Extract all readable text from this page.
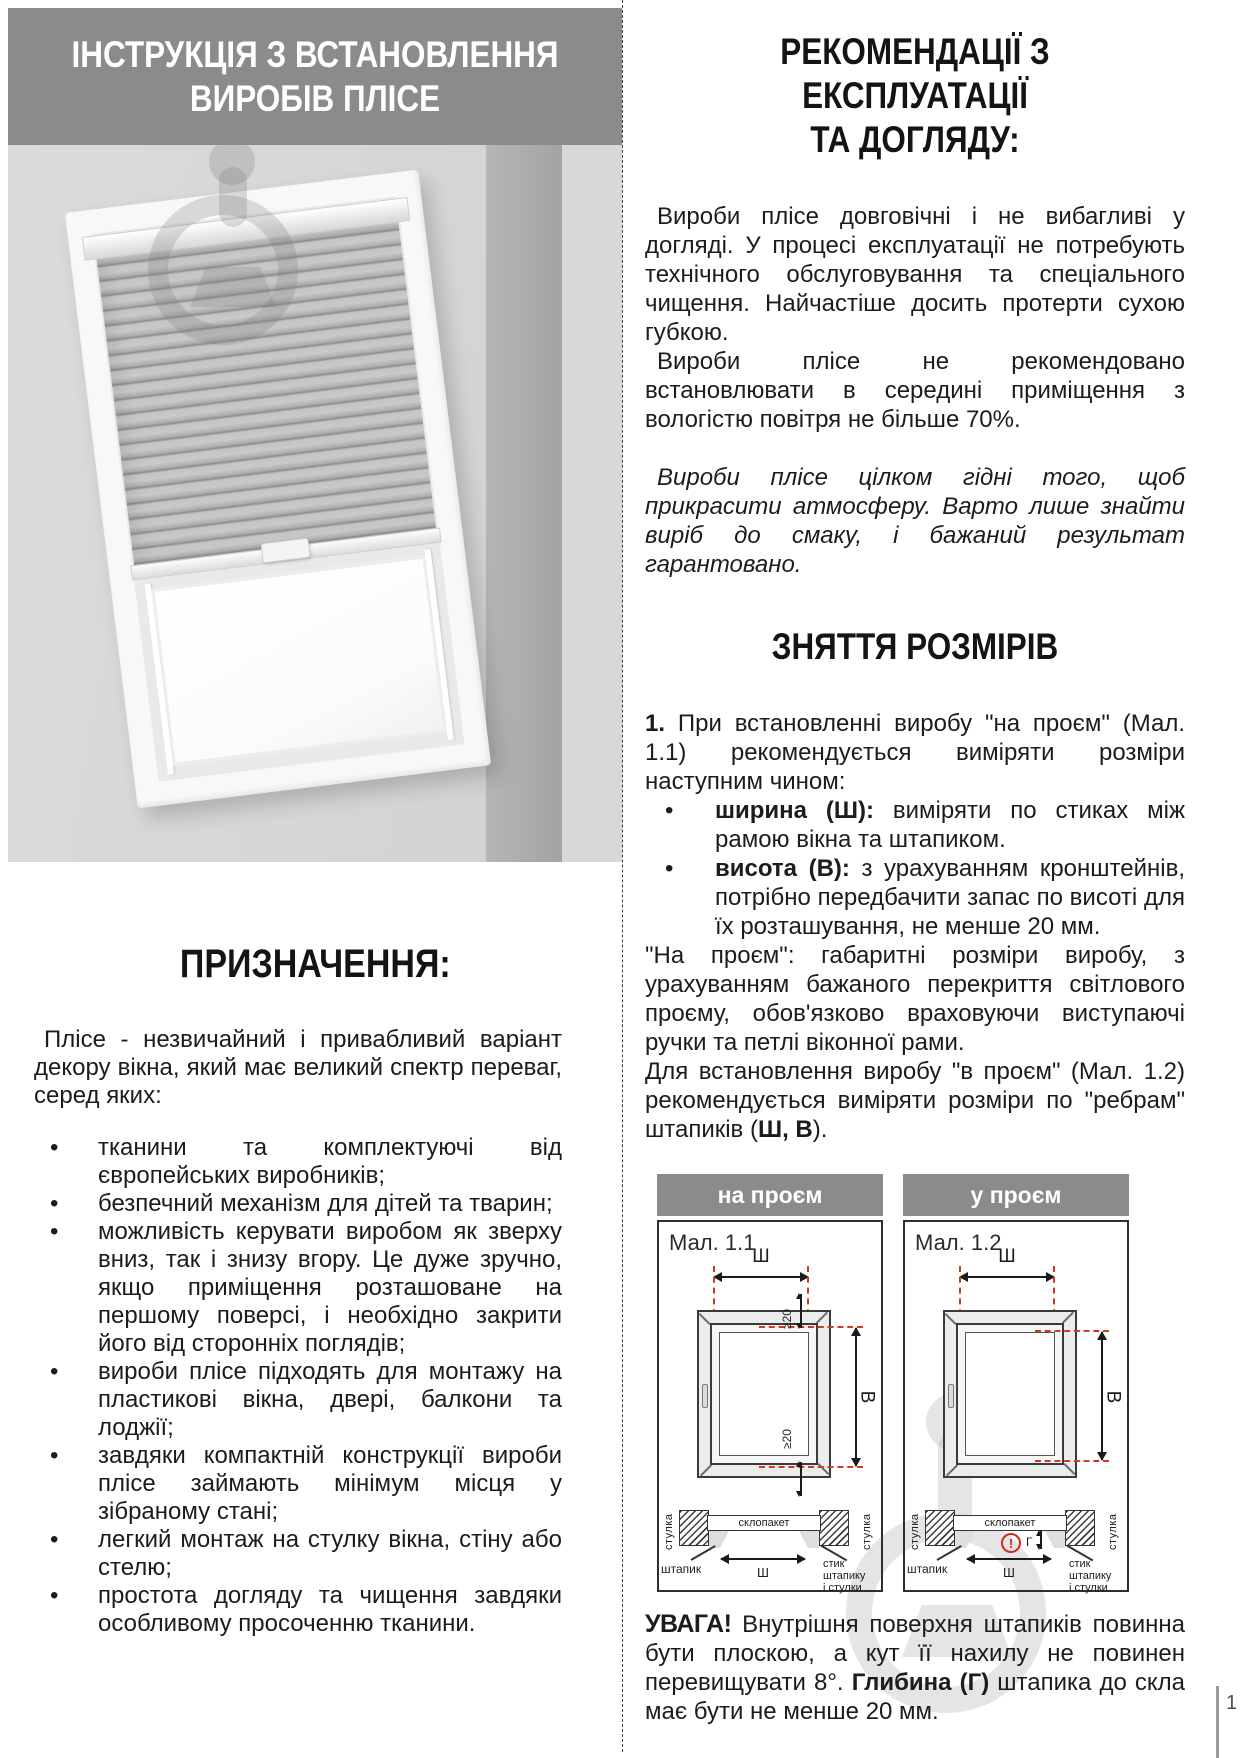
ІНСТРУКЦІЯ З ВСТАНОВЛЕННЯ
ВИРОБІВ ПЛІСЕ
ПРИЗНАЧЕННЯ:

Плісе - незвичайний і привабливий варіант декору вікна, який має великий спектр переваг, серед яких:

• тканини та комплектуючі від європейських виробників;
• безпечний механізм для дітей та тварин;
• можливість керувати виробом як зверху вниз, так і знизу вгору. Це дуже зручно, якщо приміщення розташоване на першому поверсі, і необхідно закрити його від сторонніх поглядів;
• вироби плісе підходять для монтажу на пластикові вікна, двері, балкони та лоджії;
• завдяки компактній конструкції вироби плісе займають мінімум місця у зібраному стані;
• легкий монтаж на стулку вікна, стіну або стелю;
• простота догляду та чищення завдяки особливому просоченню тканини.
РЕКОМЕНДАЦІЇ З ЕКСПЛУАТАЦІЇ
ТА ДОГЛЯДУ:

Вироби плісе довговічні і не вибагливі у догляді. У процесі експлуатації не потребують технічного обслуговування та спеціального чищення. Найчастіше досить протерти сухою губкою.

Вироби плісе не рекомендовано встановлювати в середині приміщення з вологістю повітря не більше 70%.

Вироби плісе цілком гідні того, щоб прикрасити атмосферу. Варто лише знайти виріб до смаку, і бажаний результат гарантовано.

ЗНЯТТЯ РОЗМІРІВ

1. При встановленні виробу "на проєм" (Мал. 1.1) рекомендується виміряти розміри наступним чином:

• ширина (Ш): виміряти по стиках між рамою вікна та штапиком.
• висота (В): з урахуванням кронштейнів, потрібно передбачити запас по висоті для їх розташування, не менше 20 мм.

"На проєм": габаритні розміри виробу, з урахуванням бажаного перекриття світлового проєму, обов'язково враховуючи виступаючі ручки та петлі віконної рами.

Для встановлення виробу "в проєм" (Мал. 1.2) рекомендується виміряти розміри по "ребрам" штапиків (Ш, В).

на проєм
Мал. 1.1
Ш
В
≥20
≥20
стулка	стулка
склопакет
Ш
штапик	стик
штапику
і стулки
у проєм
Мал. 1.2
Ш
В
стулка	стулка
склопакет
Ш
штапик
!	Г
стик
штапику
і стулки

УВАГА! Внутрішня поверхня штапиків повинна бути плоскою, а кут її нахилу не повинен перевищувати 8°. Глибина (Г) штапика до скла має бути не менше 20 мм.	1
